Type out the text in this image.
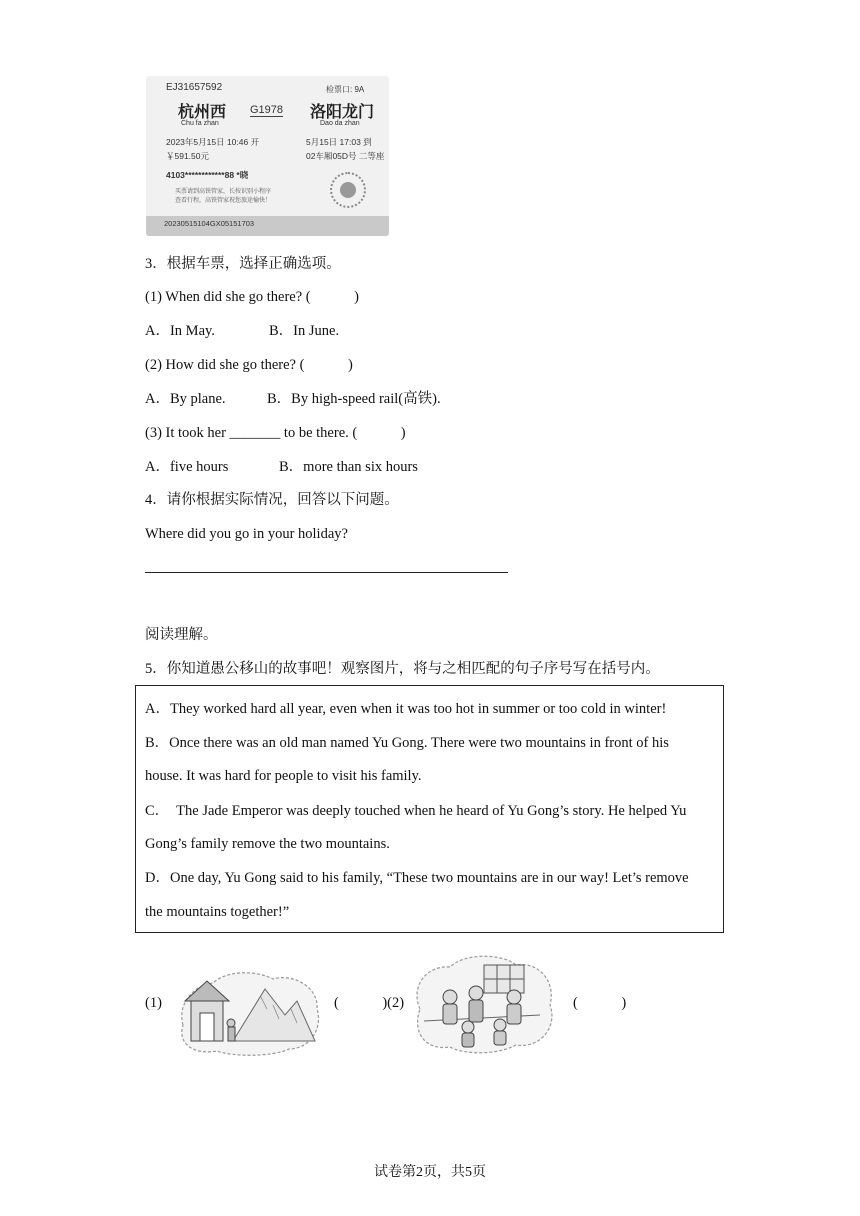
EJ31657592	检票口: 9A
杭州西
Chu fa zhan
G1978 洛阳龙门
Dao da zhan
2023年5月15日 10:46 开	5月15日 17:03 到
￥591.50元	02车厢05D号 二等座
4103************88 *晓
买票请到高铁管家，长按识别小程序
查看行程，高铁管家祝您旅途愉快！
20230515104GX05151703
3．根据车票，选择正确选项。
(1) When did she go there? (            )
A．In May.	B．In June.
(2) How did she go there? (            )
A．By plane.	B．By high-speed rail(高铁).
(3) It took her _______ to be there. (            )
A．five hours	B．more than six hours
4．请你根据实际情况，回答以下问题。
Where did you go in your holiday?
阅读理解。
5．你知道愚公移山的故事吧！观察图片，将与之相匹配的句子序号写在括号内。
A．They worked hard all year, even when it was too hot in summer or too cold in winter!
B．Once there was an old man named Yu Gong. There were two mountains in front of his
house. It was hard for people to visit his family.
C．  The Jade Emperor was deeply touched when he heard of Yu Gong’s story. He helped Yu
Gong’s family remove the two mountains.
D．One day, Yu Gong said to his family, “These two mountains are in our way! Let’s remove
the mountains together!”
(1)	(            )(2)	(            )
试卷第2页，共5页
